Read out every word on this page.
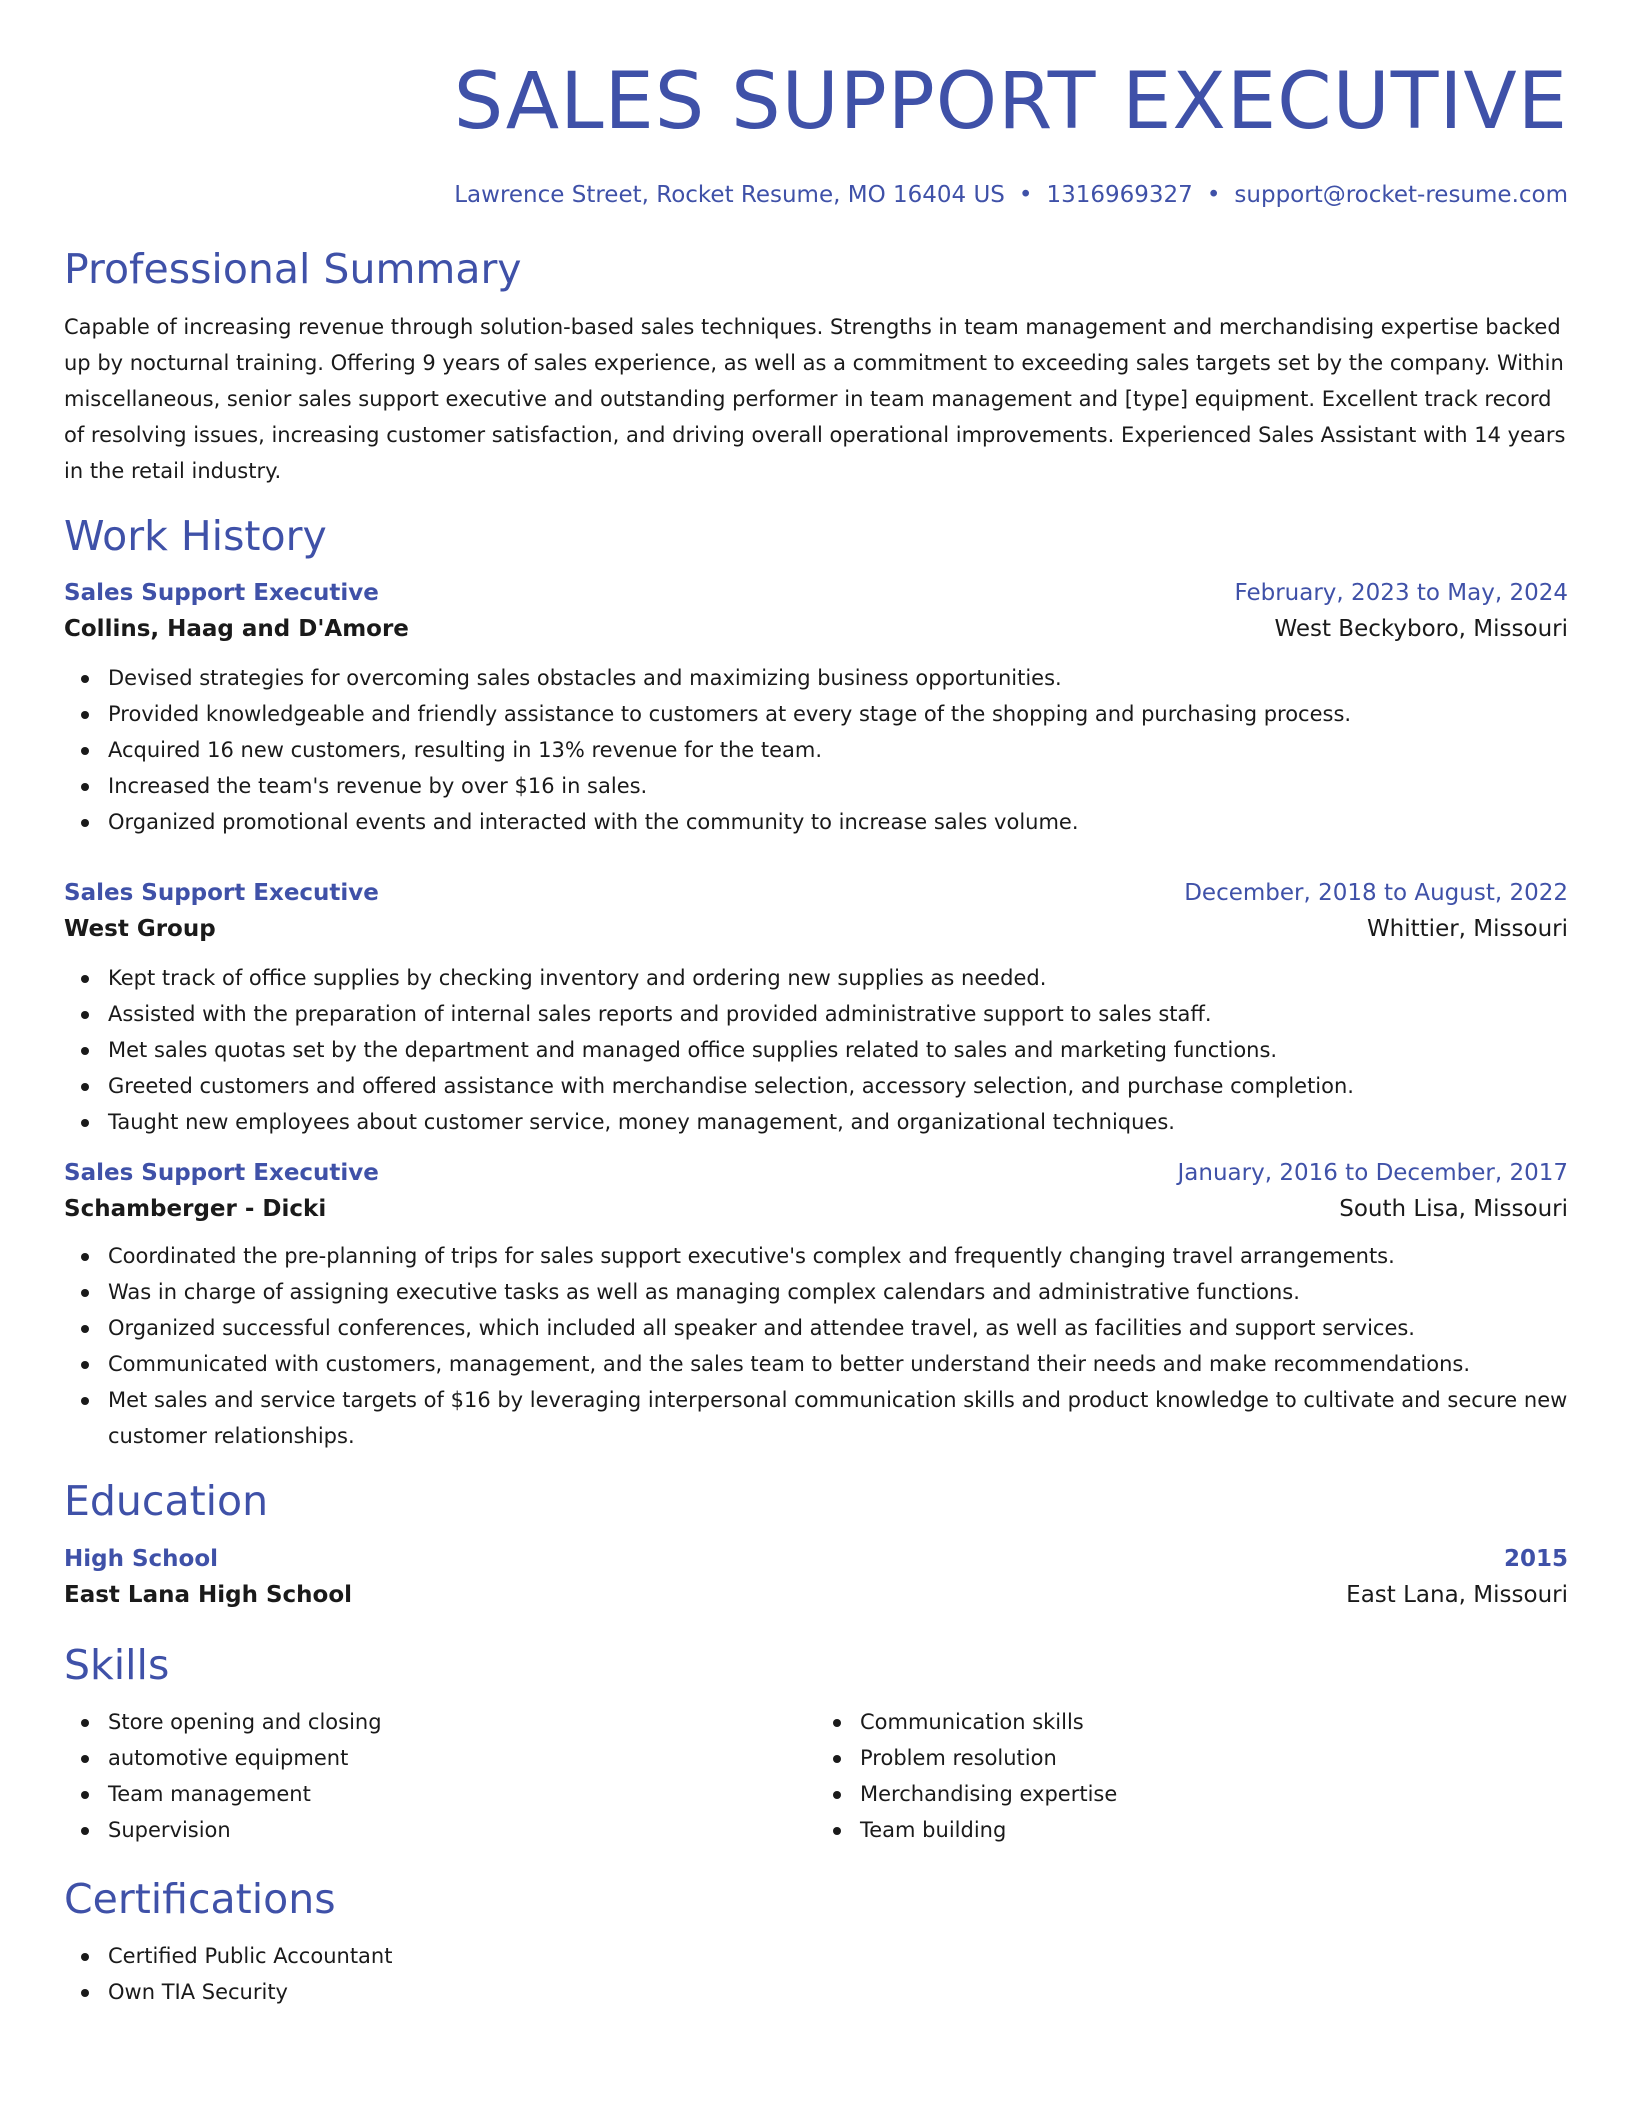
SALES SUPPORT EXECUTIVE
Lawrence Street, Rocket Resume, MO 16404 US • 1316969327 • support@rocket-resume.com
Professional Summary

Capable of increasing revenue through solution-based sales techniques. Strengths in team management and merchandising expertise backed up by nocturnal training. Offering 9 years of sales experience, as well as a commitment to exceeding sales targets set by the company. Within miscellaneous, senior sales support executive and outstanding performer in team management and [type] equipment. Excellent track record of resolving issues, increasing customer satisfaction, and driving overall operational improvements. Experienced Sales Assistant with 14 years in the retail industry.

Work History
Sales Support Executive	February, 2023 to May, 2024
Collins, Haag and D'Amore	West Beckyboro, Missouri
Devised strategies for overcoming sales obstacles and maximizing business opportunities.
Provided knowledgeable and friendly assistance to customers at every stage of the shopping and purchasing process.
Acquired 16 new customers, resulting in 13% revenue for the team.
Increased the team's revenue by over $16 in sales.
Organized promotional events and interacted with the community to increase sales volume.
Sales Support Executive	December, 2018 to August, 2022
West Group	Whittier, Missouri
Kept track of office supplies by checking inventory and ordering new supplies as needed.
Assisted with the preparation of internal sales reports and provided administrative support to sales staff.
Met sales quotas set by the department and managed office supplies related to sales and marketing functions.
Greeted customers and offered assistance with merchandise selection, accessory selection, and purchase completion.
Taught new employees about customer service, money management, and organizational techniques.
Sales Support Executive	January, 2016 to December, 2017
Schamberger - Dicki	South Lisa, Missouri
Coordinated the pre-planning of trips for sales support executive's complex and frequently changing travel arrangements.
Was in charge of assigning executive tasks as well as managing complex calendars and administrative functions.
Organized successful conferences, which included all speaker and attendee travel, as well as facilities and support services.
Communicated with customers, management, and the sales team to better understand their needs and make recommendations.
Met sales and service targets of $16 by leveraging interpersonal communication skills and product knowledge to cultivate and secure new customer relationships.
Education
High School	2015
East Lana High School	East Lana, Missouri
Skills
Store opening and closing
automotive equipment
Team management
Supervision
Communication skills
Problem resolution
Merchandising expertise
Team building
Certifications
Certified Public Accountant
Own TIA Security
